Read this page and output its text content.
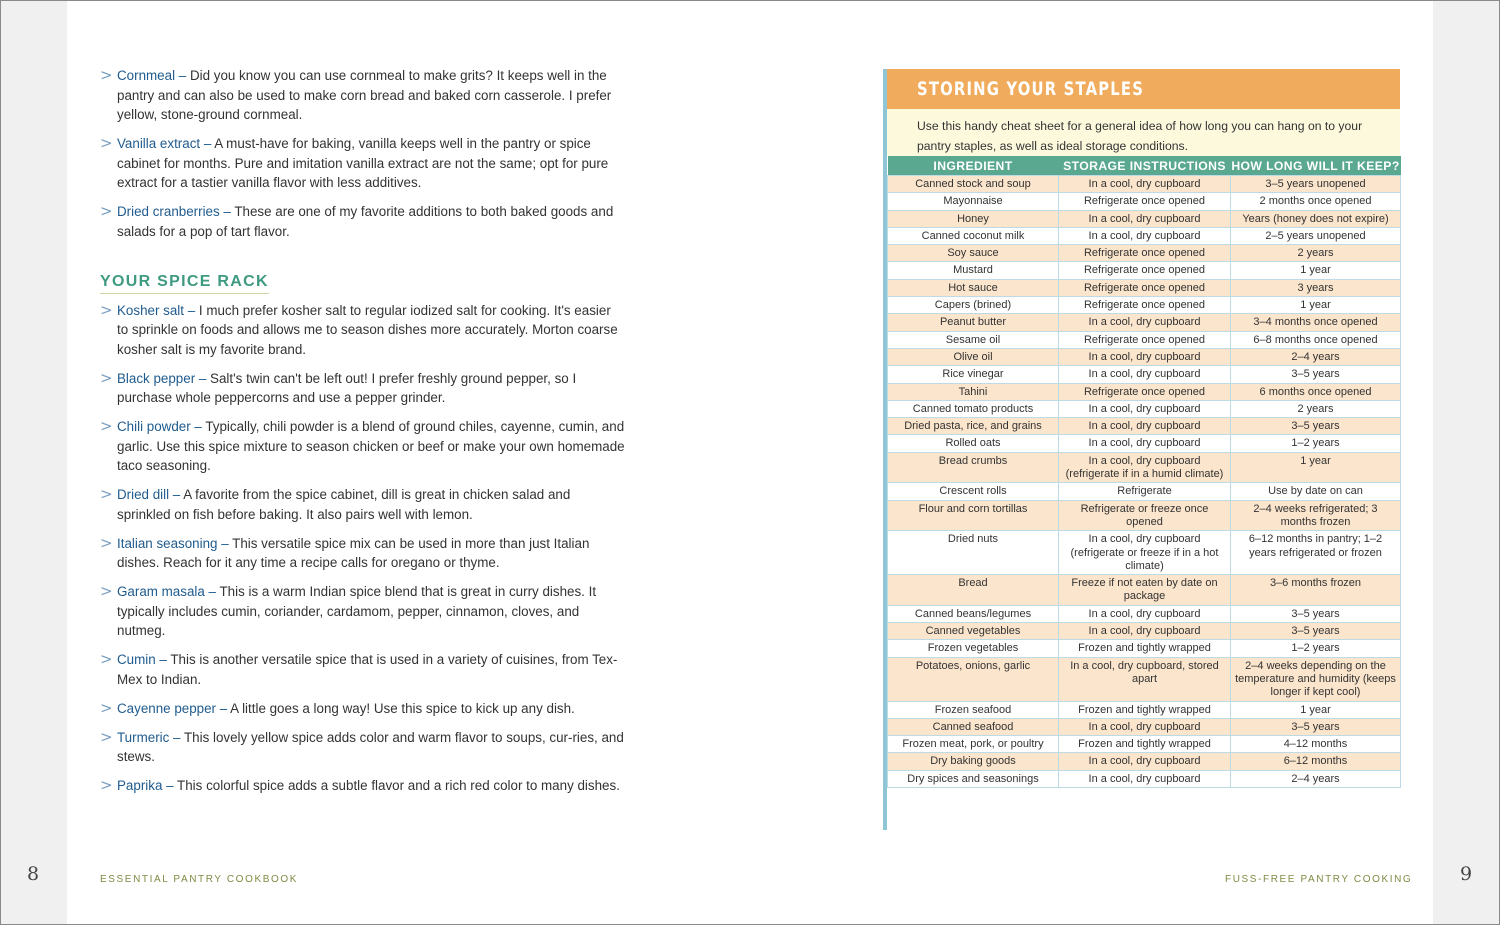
8	9
ESSENTIAL PANTRY COOKBOOK	FUSS-FREE PANTRY COOKING
> Cornmeal – Did you know you can use cornmeal to make grits? It keeps well in the pantry and can also be used to make corn bread and baked corn casserole. I prefer yellow, stone-ground cornmeal.
> Vanilla extract – A must-have for baking, vanilla keeps well in the pantry or spice cabinet for months. Pure and imitation vanilla extract are not the same; opt for pure extract for a tastier vanilla flavor with less additives.
> Dried cranberries – These are one of my favorite additions to both baked goods and salads for a pop of tart flavor.
YOUR SPICE RACK
> Kosher salt – I much prefer kosher salt to regular iodized salt for cooking. It's easier to sprinkle on foods and allows me to season dishes more accurately. Morton coarse kosher salt is my favorite brand.
> Black pepper – Salt's twin can't be left out! I prefer freshly ground pepper, so I purchase whole peppercorns and use a pepper grinder.
> Chili powder – Typically, chili powder is a blend of ground chiles, cayenne, cumin, and garlic. Use this spice mixture to season chicken or beef or make your own homemade taco seasoning.
> Dried dill – A favorite from the spice cabinet, dill is great in chicken salad and sprinkled on fish before baking. It also pairs well with lemon.
> Italian seasoning – This versatile spice mix can be used in more than just Italian dishes. Reach for it any time a recipe calls for oregano or thyme.
> Garam masala – This is a warm Indian spice blend that is great in curry dishes. It typically includes cumin, coriander, cardamom, pepper, cinnamon, cloves, and nutmeg.
> Cumin – This is another versatile spice that is used in a variety of cuisines, from Tex-Mex to Indian.
> Cayenne pepper – A little goes a long way! Use this spice to kick up any dish.
> Turmeric – This lovely yellow spice adds color and warm flavor to soups, cur-ries, and stews.
> Paprika – This colorful spice adds a subtle flavor and a rich red color to many dishes.
STORING YOUR STAPLES
Use this handy cheat sheet for a general idea of how long you can hang on to your pantry staples, as well as ideal storage conditions.
INGREDIENT	STORAGE INSTRUCTIONS	HOW LONG WILL IT KEEP?
Canned stock and soup	In a cool, dry cupboard	3–5 years unopened
Mayonnaise	Refrigerate once opened	2 months once opened
Honey	In a cool, dry cupboard	Years (honey does not expire)
Canned coconut milk	In a cool, dry cupboard	2–5 years unopened
Soy sauce	Refrigerate once opened	2 years
Mustard	Refrigerate once opened	1 year
Hot sauce	Refrigerate once opened	3 years
Capers (brined)	Refrigerate once opened	1 year
Peanut butter	In a cool, dry cupboard	3–4 months once opened
Sesame oil	Refrigerate once opened	6–8 months once opened
Olive oil	In a cool, dry cupboard	2–4 years
Rice vinegar	In a cool, dry cupboard	3–5 years
Tahini	Refrigerate once opened	6 months once opened
Canned tomato products	In a cool, dry cupboard	2 years
Dried pasta, rice, and grains	In a cool, dry cupboard	3–5 years
Rolled oats	In a cool, dry cupboard	1–2 years
Bread crumbs	In a cool, dry cupboard (refrigerate if in a humid climate)	1 year
Crescent rolls	Refrigerate	Use by date on can
Flour and corn tortillas	Refrigerate or freeze once opened	2–4 weeks refrigerated; 3 months frozen
Dried nuts	In a cool, dry cupboard (refrigerate or freeze if in a hot climate)	6–12 months in pantry; 1–2 years refrigerated or frozen
Bread	Freeze if not eaten by date on package	3–6 months frozen
Canned beans/legumes	In a cool, dry cupboard	3–5 years
Canned vegetables	In a cool, dry cupboard	3–5 years
Frozen vegetables	Frozen and tightly wrapped	1–2 years
Potatoes, onions, garlic	In a cool, dry cupboard, stored apart	2–4 weeks depending on the temperature and humidity (keeps longer if kept cool)
Frozen seafood	Frozen and tightly wrapped	1 year
Canned seafood	In a cool, dry cupboard	3–5 years
Frozen meat, pork, or poultry	Frozen and tightly wrapped	4–12 months
Dry baking goods	In a cool, dry cupboard	6–12 months
Dry spices and seasonings	In a cool, dry cupboard	2–4 years
